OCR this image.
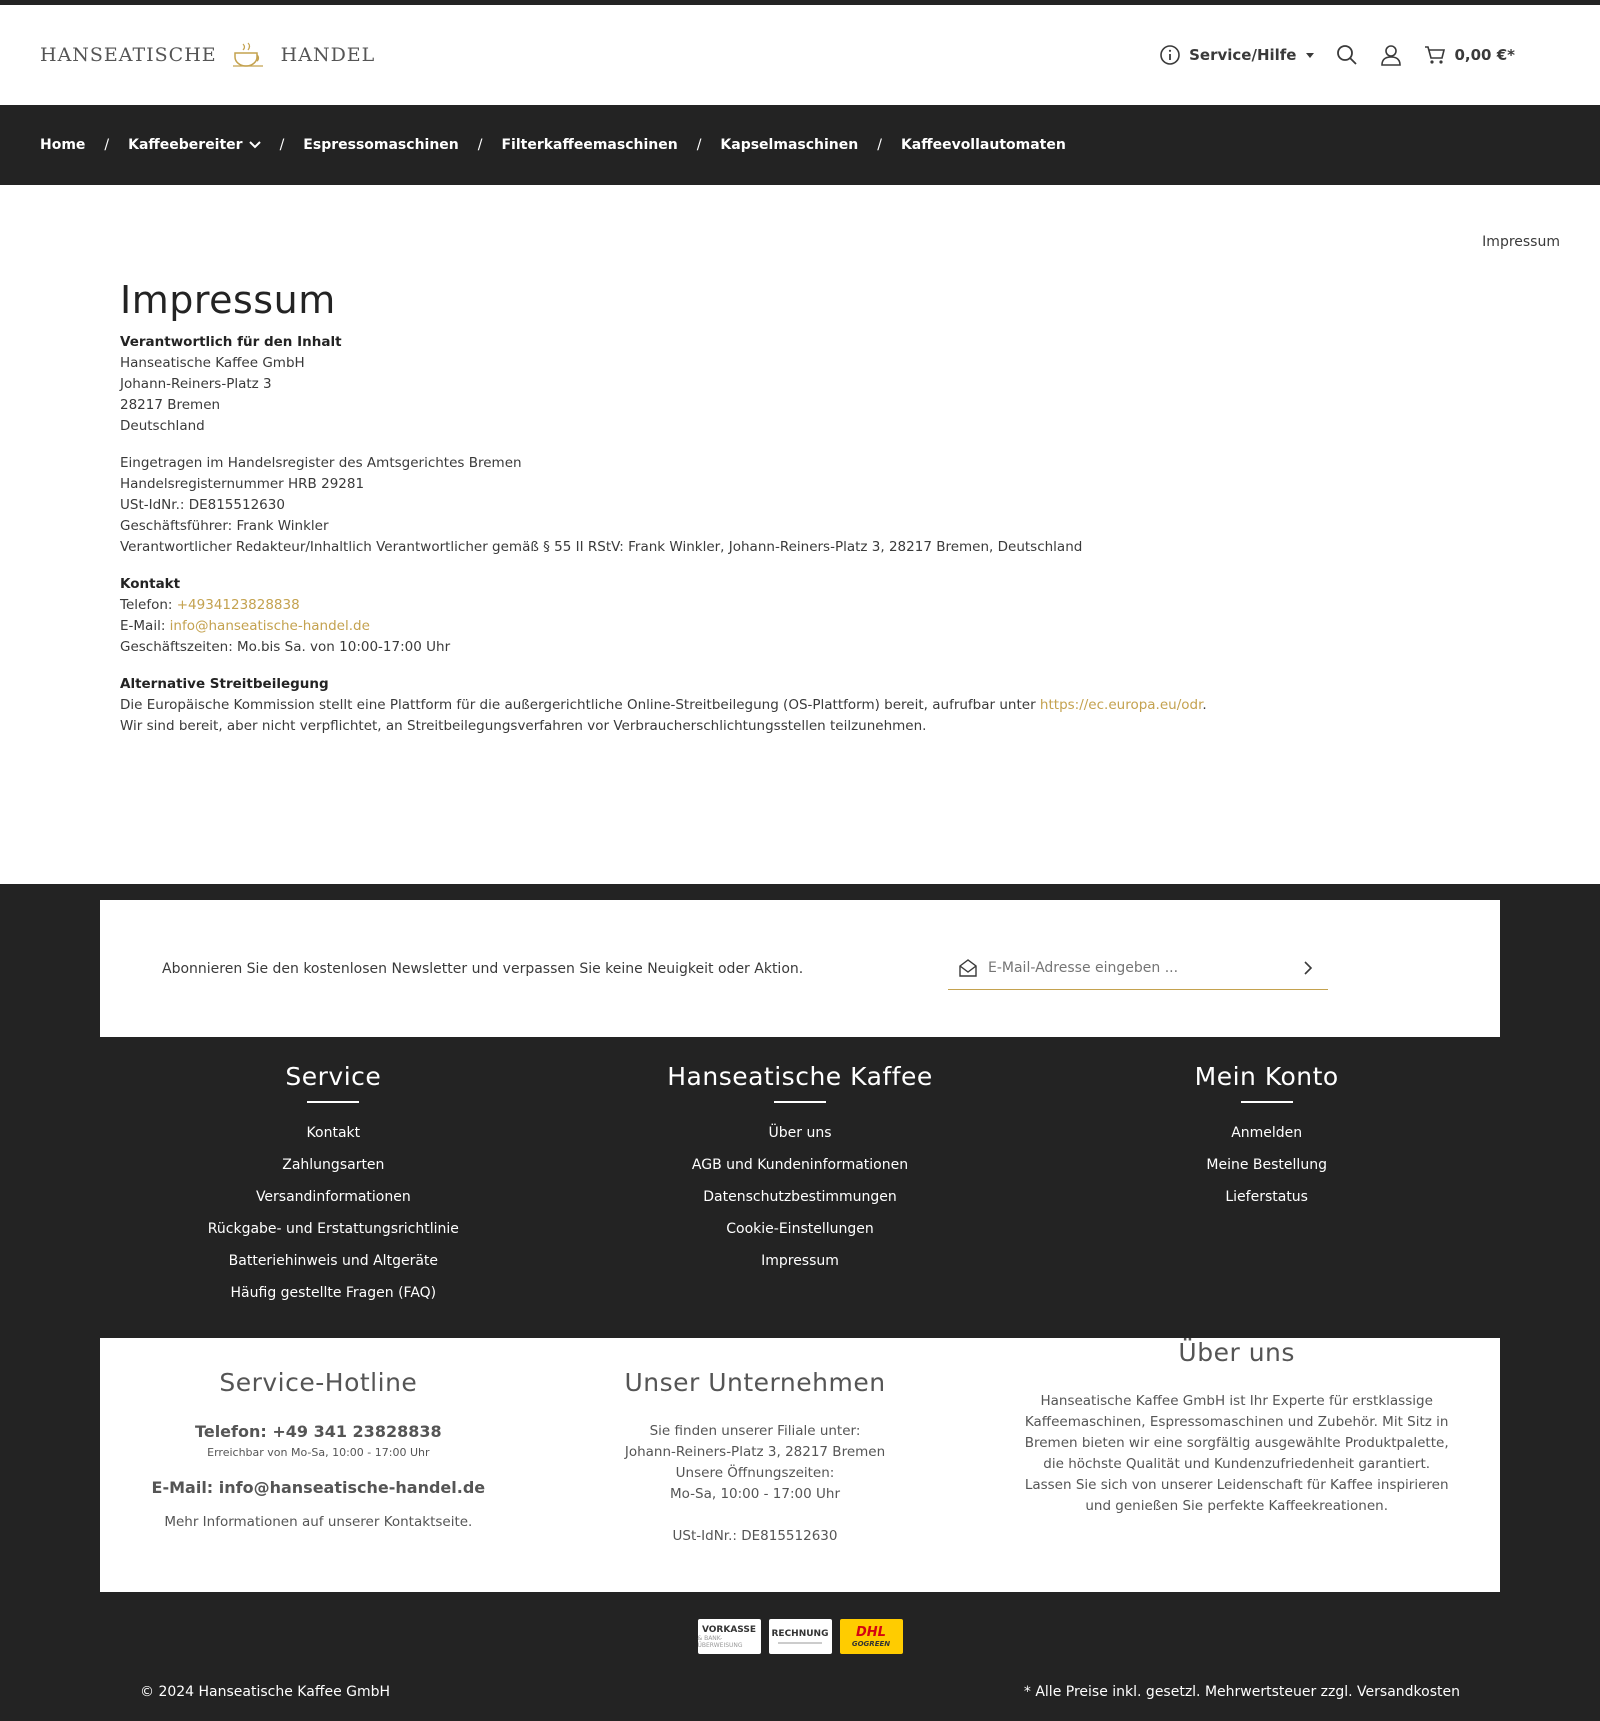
HANSEATISCHE	HANDEL	Service/Hilfe	0,00 €*
Home / Kaffeebereiter	/ Espressomaschinen / Filterkaffeemaschinen / Kapselmaschinen / Kaffeevollautomaten
Impressum
Impressum

Verantwortlich für den Inhalt
Hanseatische Kaffee GmbH
Johann-Reiners-Platz 3
28217 Bremen
Deutschland

Eingetragen im Handelsregister des Amtsgerichtes Bremen
Handelsregisternummer HRB 29281
USt-IdNr.: DE815512630
Geschäftsführer: Frank Winkler
Verantwortlicher Redakteur/Inhaltlich Verantwortlicher gemäß § 55 II RStV: Frank Winkler, Johann-Reiners-Platz 3, 28217 Bremen, Deutschland

Kontakt
Telefon: +4934123828838
E-Mail: info@hanseatische-handel.de
Geschäftszeiten: Mo.bis Sa. von 10:00-17:00 Uhr

Alternative Streitbeilegung
Die Europäische Kommission stellt eine Plattform für die außergerichtliche Online-Streitbeilegung (OS-Plattform) bereit, aufrufbar unter https://ec.europa.eu/odr.
Wir sind bereit, aber nicht verpflichtet, an Streitbeilegungsverfahren vor Verbraucherschlichtungsstellen teilzunehmen.

Abonnieren Sie den kostenlosen Newsletter und verpassen Sie keine Neuigkeit oder Aktion.
E-Mail-Adresse eingeben ...
Service
Kontakt
Zahlungsarten
Versandinformationen
Rückgabe- und Erstattungsrichtlinie
Batteriehinweis und Altgeräte
Häufig gestellte Fragen (FAQ)
Hanseatische Kaffee
Über uns
AGB und Kundeninformationen
Datenschutzbestimmungen
Cookie-Einstellungen
Impressum
Mein Konto
Anmelden
Meine Bestellung
Lieferstatus
Service-Hotline

Telefon: +49 341 23828838

Erreichbar von Mo-Sa, 10:00 - 17:00 Uhr

E-Mail: info@hanseatische-handel.de

Mehr Informationen auf unserer Kontaktseite.

Unser Unternehmen

Sie finden unserer Filiale unter:

Johann-Reiners-Platz 3, 28217 Bremen

Unsere Öffnungszeiten:

Mo-Sa, 10:00 - 17:00 Uhr

USt-IdNr.: DE815512630

Über uns

Hanseatische Kaffee GmbH ist Ihr Experte für erstklassige Kaffeemaschinen, Espressomaschinen und Zubehör. Mit Sitz in Bremen bieten wir eine sorgfältig ausgewählte Produktpalette, die höchste Qualität und Kundenzufriedenheit garantiert. Lassen Sie sich von unserer Leidenschaft für Kaffee inspirieren und genießen Sie perfekte Kaffeekreationen.

VORKASSE
& BANK-ÜBERWEISUNG
RECHNUNG DHL
GOGREEN
© 2024 Hanseatische Kaffee GmbH	* Alle Preise inkl. gesetzl. Mehrwertsteuer zzgl. Versandkosten
